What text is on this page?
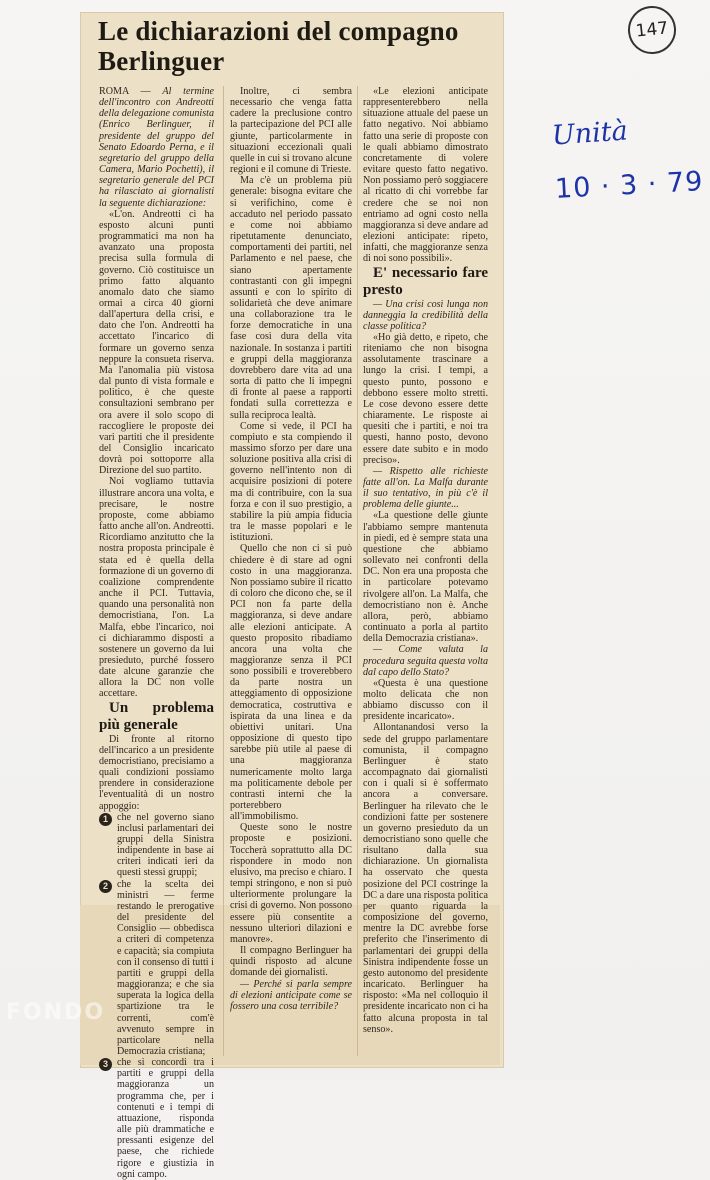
Le dichiarazioni del compagno Berlinguer

ROMA — Al termine dell'incontro con Andreotti della delegazione comunista (Enrico Berlinguer, il presidente del gruppo del Senato Edoardo Perna, e il segretario del gruppo della Camera, Mario Pochetti), il segretario generale del PCI ha rilasciato ai giornalisti la seguente dichiarazione:

«L'on. Andreotti ci ha esposto alcuni punti programmatici ma non ha avanzato una proposta precisa sulla formula di governo. Ciò costituisce un primo fatto alquanto anomalo dato che siamo ormai a circa 40 giorni dall'apertura della crisi, e dato che l'on. Andreotti ha accettato l'incarico di formare un governo senza neppure la consueta riserva. Ma l'anomalia più vistosa dal punto di vista formale e politico, è che queste consultazioni sembrano per ora avere il solo scopo di raccogliere le proposte dei vari partiti che il presidente del Consiglio incaricato dovrà poi sottoporre alla Direzione del suo partito.

Noi vogliamo tuttavia illustrare ancora una volta, e precisare, le nostre proposte, come abbiamo fatto anche all'on. Andreotti. Ricordiamo anzitutto che la nostra proposta principale è stata ed è quella della formazione di un governo di coalizione comprendente anche il PCI. Tuttavia, quando una personalità non democristiana, l'on. La Malfa, ebbe l'incarico, noi ci dichiarammo disposti a sostenere un governo da lui presieduto, purché fossero date alcune garanzie che allora la DC non volle accettare.

Un problema più generale

Di fronte al ritorno dell'incarico a un presidente democristiano, precisiamo a quali condizioni possiamo prendere in considerazione l'eventualità di un nostro appoggio:

1 che nel governo siano inclusi parlamentari dei gruppi della Sinistra indipendente in base ai criteri indicati ieri da questi stessi gruppi;

2 che la scelta dei ministri — ferme restando le prerogative del presidente del Consiglio — obbedisca a criteri di competenza e capacità; sia compiuta con il consenso di tutti i partiti e gruppi della maggioranza; e che sia superata la logica della spartizione tra le correnti, com'è avvenuto sempre in particolare nella Democrazia cristiana;

3 che si concordi tra i partiti e gruppi della maggioranza un programma che, per i contenuti e i tempi di attuazione, risponda alle più drammatiche e pressanti esigenze del paese, che richiede rigore e giustizia in ogni campo.

Inoltre, ci sembra necessario che venga fatta cadere la preclusione contro la partecipazione del PCI alle giunte, particolarmente in situazioni eccezionali quali quelle in cui si trovano alcune regioni e il comune di Trieste.

Ma c'è un problema più generale: bisogna evitare che si verifichino, come è accaduto nel periodo passato e come noi abbiamo ripetutamente denunciato, comportamenti dei partiti, nel Parlamento e nel paese, che siano apertamente contrastanti con gli impegni assunti e con lo spirito di solidarietà che deve animare una collaborazione tra le forze democratiche in una fase così dura della vita nazionale. In sostanza i partiti e gruppi della maggioranza dovrebbero dare vita ad una sorta di patto che li impegni di fronte al paese a rapporti fondati sulla correttezza e sulla reciproca lealtà.

Come si vede, il PCI ha compiuto e sta compiendo il massimo sforzo per dare una soluzione positiva alla crisi di governo nell'intento non di acquisire posizioni di potere ma di contribuire, con la sua forza e con il suo prestigio, a stabilire la più ampia fiducia tra le masse popolari e le istituzioni.

Quello che non ci si può chiedere è di stare ad ogni costo in una maggioranza. Non possiamo subire il ricatto di coloro che dicono che, se il PCI non fa parte della maggioranza, si deve andare alle elezioni anticipate. A questo proposito ribadiamo ancora una volta che maggioranze senza il PCI sono possibili e troverebbero da parte nostra un atteggiamento di opposizione democratica, costruttiva e ispirata da una linea e da obiettivi unitari. Una opposizione di questo tipo sarebbe più utile al paese di una maggioranza numericamente molto larga ma politicamente debole per contrasti interni che la porterebbero all'immobilismo.

Queste sono le nostre proposte e posizioni. Toccherà soprattutto alla DC rispondere in modo non elusivo, ma preciso e chiaro. I tempi stringono, e non si può ulteriormente prolungare la crisi di governo. Non possono essere più consentite a nessuno ulteriori dilazioni e manovre».

Il compagno Berlinguer ha quindi risposto ad alcune domande dei giornalisti.

— Perché si parla sempre di elezioni anticipate come se fossero una cosa terribile?

«Le elezioni anticipate rappresenterebbero nella situazione attuale del paese un fatto negativo. Noi abbiamo fatto una serie di proposte con le quali abbiamo dimostrato concretamente di volere evitare questo fatto negativo. Non possiamo però soggiacere al ricatto di chi vorrebbe far credere che se noi non entriamo ad ogni costo nella maggioranza si deve andare ad elezioni anticipate: ripeto, infatti, che maggioranze senza di noi sono possibili».

E' necessario fare presto

— Una crisi così lunga non danneggia la credibilità della classe politica?

«Ho già detto, e ripeto, che riteniamo che non bisogna assolutamente trascinare a lungo la crisi. I tempi, a questo punto, possono e debbono essere molto stretti. Le cose devono essere dette chiaramente. Le risposte ai quesiti che i partiti, e noi tra questi, hanno posto, devono essere date subito e in modo preciso».

— Rispetto alle richieste fatte all'on. La Malfa durante il suo tentativo, in più c'è il problema delle giunte...

«La questione delle giunte l'abbiamo sempre mantenuta in piedi, ed è sempre stata una questione che abbiamo sollevato nei confronti della DC. Non era una proposta che in particolare potevamo rivolgere all'on. La Malfa, che democristiano non è. Anche allora, però, abbiamo continuato a porla al partito della Democrazia cristiana».

— Come valuta la procedura seguita questa volta dal capo dello Stato?

«Questa è una questione molto delicata che non abbiamo discusso con il presidente incaricato».

Allontanandosi verso la sede del gruppo parlamentare comunista, il compagno Berlinguer è stato accompagnato dai giornalisti con i quali si è soffermato ancora a conversare. Berlinguer ha rilevato che le condizioni fatte per sostenere un governo presieduto da un democristiano sono quelle che risultano dalla sua dichiarazione. Un giornalista ha osservato che questa posizione del PCI costringe la DC a dare una risposta politica per quanto riguarda la composizione del governo, mentre la DC avrebbe forse preferito che l'inserimento di parlamentari dei gruppi della Sinistra indipendente fosse un gesto autonomo del presidente incaricato. Berlinguer ha risposto: «Ma nel colloquio il presidente incaricato non ci ha fatto alcuna proposta in tal senso».

147
Unità
10 · 3 · 79
FONDO
